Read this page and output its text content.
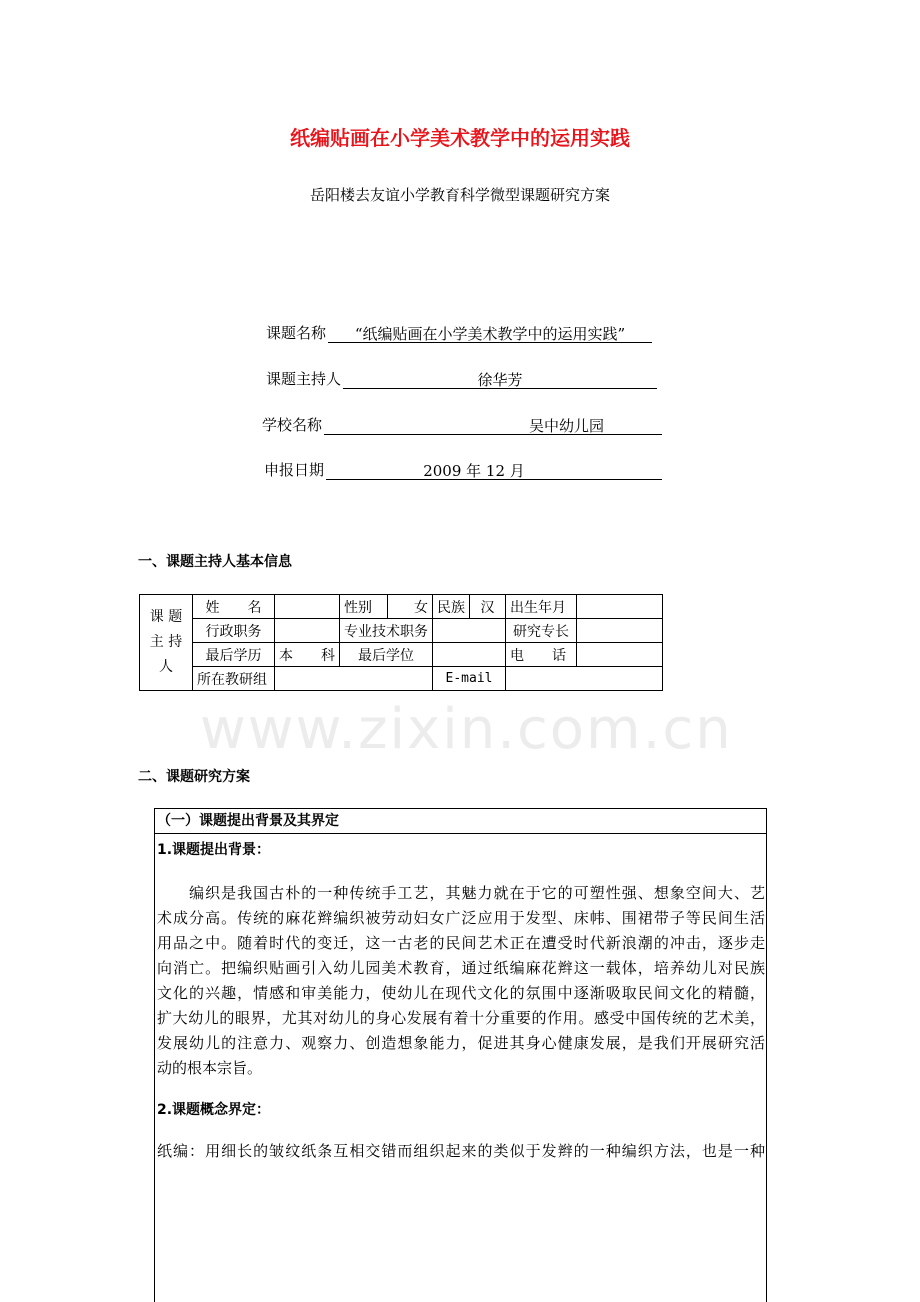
纸编贴画在小学美术教学中的运用实践
岳阳楼去友谊小学教育科学微型课题研究方案
课题名称	“纸编贴画在小学美术教学中的运用实践”
课题主持人	徐华芳
学校名称	吴中幼儿园
申报日期	2009 年 12 月
一、课题主持人基本信息
课 题 主 持 人	姓　　名		性别	女	民族	汉	出生年月	
	行政职务		专业技术职务				研究专长	
	最后学历	本　　科	最后学位				电　　话	
	所在教研组				E-mail			
www.zixin.com.cn
二、课题研究方案
（一）课题提出背景及其界定
1.课题提出背景：
　　编织是我国古朴的一种传统手工艺，其魅力就在于它的可塑性强、想象空间大、艺
术成分高。传统的麻花辫编织被劳动妇女广泛应用于发型、床帏、围裙带子等民间生活
用品之中。随着时代的变迁，这一古老的民间艺术正在遭受时代新浪潮的冲击，逐步走
向消亡。把编织贴画引入幼儿园美术教育，通过纸编麻花辫这一载体，培养幼儿对民族
文化的兴趣，情感和审美能力，使幼儿在现代文化的氛围中逐渐吸取民间文化的精髓，
扩大幼儿的眼界，尤其对幼儿的身心发展有着十分重要的作用。感受中国传统的艺术美，
发展幼儿的注意力、观察力、创造想象能力，促进其身心健康发展，是我们开展研究活
动的根本宗旨。
2.课题概念界定：
纸编：用细长的皱纹纸条互相交错而组织起来的类似于发辫的一种编织方法，也是一种
